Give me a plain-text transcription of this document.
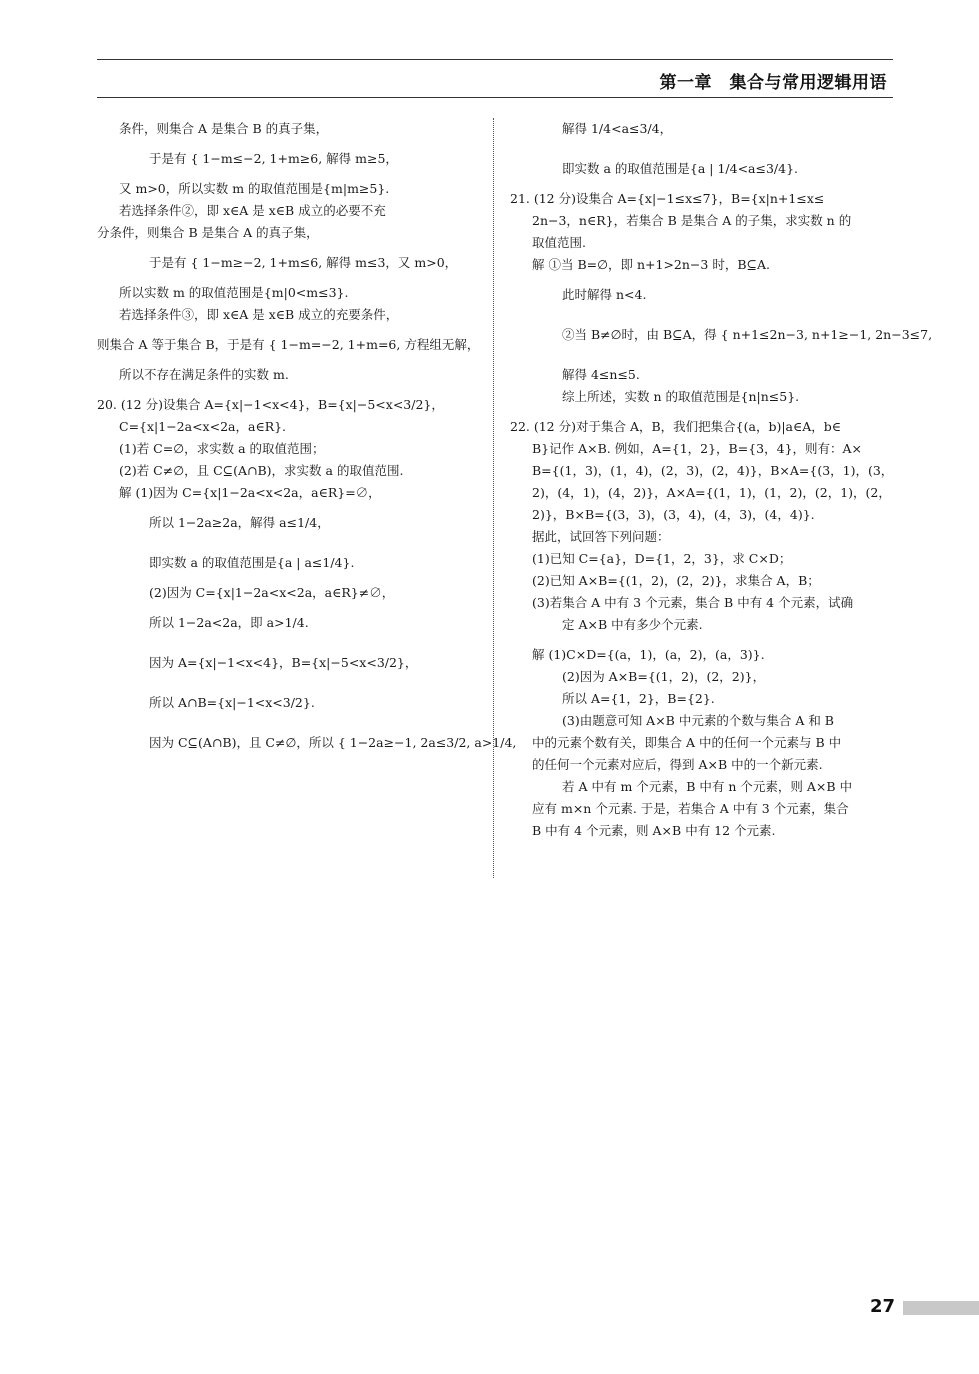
第一章　集合与常用逻辑用语
条件，则集合 A 是集合 B 的真子集，
于是有 { 1−m≤−2, 1+m≥6, 解得 m≥5，
又 m>0，所以实数 m 的取值范围是{m|m≥5}.
若选择条件②，即 x∈A 是 x∈B 成立的必要不充
分条件，则集合 B 是集合 A 的真子集，
于是有 { 1−m≥−2, 1+m≤6, 解得 m≤3，又 m>0，
所以实数 m 的取值范围是{m|0<m≤3}.
若选择条件③，即 x∈A 是 x∈B 成立的充要条件，
则集合 A 等于集合 B，于是有 { 1−m=−2, 1+m=6, 方程组无解，
所以不存在满足条件的实数 m.
20. (12 分)设集合 A={x|−1<x<4}，B={x|−5<x<3/2}，
C={x|1−2a<x<2a，a∈R}.
(1)若 C=∅，求实数 a 的取值范围；
(2)若 C≠∅，且 C⊆(A∩B)，求实数 a 的取值范围.
解 (1)因为 C={x|1−2a<x<2a，a∈R}=∅，
所以 1−2a≥2a，解得 a≤1/4，
即实数 a 的取值范围是{a | a≤1/4}.
(2)因为 C={x|1−2a<x<2a，a∈R}≠∅，
所以 1−2a<2a，即 a>1/4.
因为 A={x|−1<x<4}，B={x|−5<x<3/2}，
所以 A∩B={x|−1<x<3/2}.
因为 C⊆(A∩B)，且 C≠∅，所以 { 1−2a≥−1, 2a≤3/2, a>1/4,
解得 1/4<a≤3/4，
即实数 a 的取值范围是{a | 1/4<a≤3/4}.
21. (12 分)设集合 A={x|−1≤x≤7}，B={x|n+1≤x≤
2n−3，n∈R}，若集合 B 是集合 A 的子集，求实数 n 的
取值范围.
解 ①当 B=∅，即 n+1>2n−3 时，B⊆A.
此时解得 n<4.
②当 B≠∅时，由 B⊆A，得 { n+1≤2n−3, n+1≥−1, 2n−3≤7,
解得 4≤n≤5.
综上所述，实数 n 的取值范围是{n|n≤5}.
22. (12 分)对于集合 A，B，我们把集合{(a，b)|a∈A，b∈
B}记作 A×B. 例如，A={1，2}，B={3，4}，则有：A×
B={(1，3)，(1，4)，(2，3)，(2，4)}，B×A={(3，1)，(3，
2)，(4，1)，(4，2)}，A×A={(1，1)，(1，2)，(2，1)，(2，
2)}，B×B={(3，3)，(3，4)，(4，3)，(4，4)}.
据此，试回答下列问题：
(1)已知 C={a}，D={1，2，3}，求 C×D；
(2)已知 A×B={(1，2)，(2，2)}，求集合 A，B；
(3)若集合 A 中有 3 个元素，集合 B 中有 4 个元素，试确
定 A×B 中有多少个元素.
解 (1)C×D={(a，1)，(a，2)，(a，3)}.
(2)因为 A×B={(1，2)，(2，2)}，
所以 A={1，2}，B={2}.
(3)由题意可知 A×B 中元素的个数与集合 A 和 B
中的元素个数有关，即集合 A 中的任何一个元素与 B 中
的任何一个元素对应后，得到 A×B 中的一个新元素.
若 A 中有 m 个元素，B 中有 n 个元素，则 A×B 中
应有 m×n 个元素. 于是，若集合 A 中有 3 个元素，集合
B 中有 4 个元素，则 A×B 中有 12 个元素.
27
